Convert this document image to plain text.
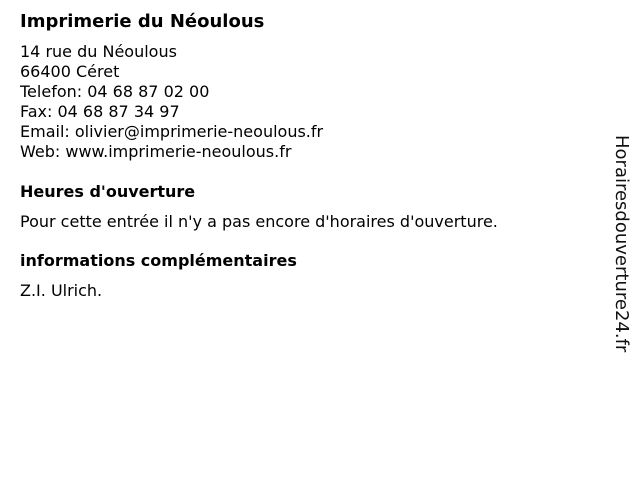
Imprimerie du Néoulous
14 rue du Néoulous
66400 Céret
Telefon: 04 68 87 02 00
Fax: 04 68 87 34 97
Email: olivier@imprimerie-neoulous.fr
Web: www.imprimerie-neoulous.fr
Heures d'ouverture
Pour cette entrée il n'y a pas encore d'horaires d'ouverture.
informations complémentaires
Z.I. Ulrich.	Horairesdouverture24.fr
